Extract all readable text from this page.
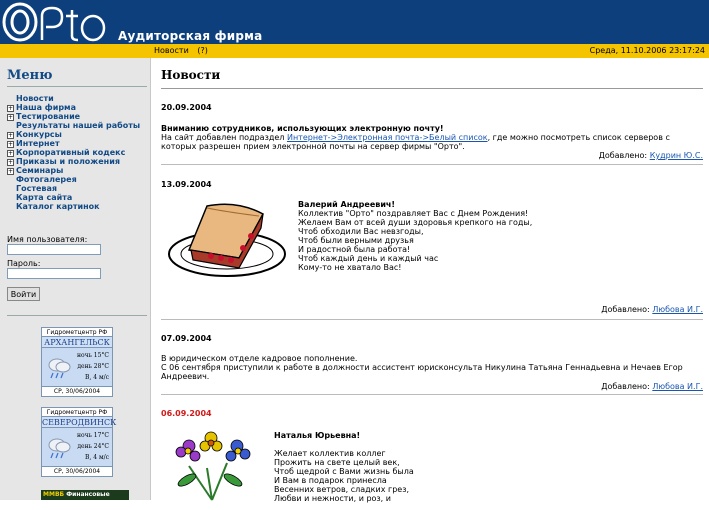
Аудиторская фирма
Новости (?)	Среда, 11.10.2006 23:17:24
Меню
Новости
+ Наша фирма
+ Тестирование
Результаты нашей работы
+ Конкурсы
+ Интернет
+ Корпоративный кодекс
+ Приказы и положения
+ Семинары
Фотогалерея
Гостевая
Карта сайта
Каталог картинок
Имя пользователя:
Пароль:
Войти
Гидрометцентр РФ
АРХАНГЕЛЬСК
ночь 15°С
день 28°С
В, 4 м/с
СР, 30/06/2004
Гидрометцентр РФ
СЕВЕРОДВИНСК
ночь 17°С
день 24°С
В, 4 м/с
СР, 30/06/2004
ММВБ Финансовые индикаторы
Новости
20.09.2004
Вниманию сотрудников, использующих электронную почту!
На сайт добавлен подраздел Интернет->Электронная почта->Белый список, где можно посмотреть список серверов с которых разрешен прием электронной почты на сервер фирмы "Орто".
Добавлено: Кудрин Ю.С.
13.09.2004
Валерий Андреевич!
Коллектив "Орто" поздравляет Вас с Днем Рождения!
Желаем Вам от всей души здоровья крепкого на годы,
Чтоб обходили Вас невзгоды,
Чтоб были верными друзья
И радостной была работа!
Чтоб каждый день и каждый час
Кому-то не хватало Вас!
Добавлено: Любова И.Г.
07.09.2004
В юридическом отделе кадровое пополнение.
С 06 сентября приступили к работе в должности ассистент юрисконсульта Никулина Татьяна Геннадьевна и Нечаев Егор Андреевич.
Добавлено: Любова И.Г.
06.09.2004
Наталья Юрьевна!

Желает коллектив коллег
Прожить на свете целый век,
Чтоб щедрой с Вами жизнь была
И Вам в подарок принесла
Весенних ветров, сладких грез,
Любви и нежности, и роз, и
